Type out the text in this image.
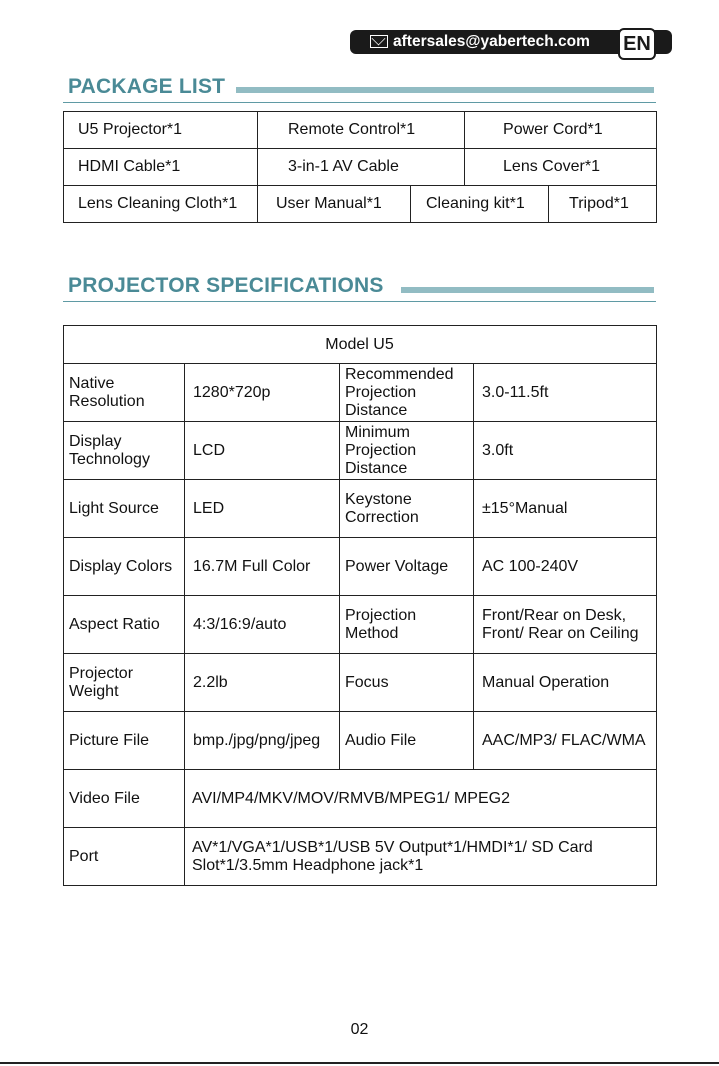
aftersales@yabertech.com EN
PACKAGE LIST
U5 Projector*1	Remote Control*1		Power Cord*1	
HDMI Cable*1	3-in-1 AV Cable		Lens Cover*1	
Lens Cleaning Cloth*1	User Manual*1	Cleaning kit*1		Tripod*1
PROJECTOR SPECIFICATIONS
Model U5			
Native Resolution	1280*720p	Recommended Projection Distance	3.0-11.5ft
Display Technology	LCD	Minimum Projection Distance	3.0ft
Light Source	LED	Keystone Correction	±15°Manual
Display Colors	16.7M Full Color	Power Voltage	AC 100-240V
Aspect Ratio	4:3/16:9/auto	Projection Method	Front/Rear on Desk, Front/ Rear on Ceiling
Projector Weight	2.2lb	Focus	Manual Operation
Picture File	bmp./jpg/png/jpeg	Audio File	AAC/MP3/ FLAC/WMA
Video File	AVI/MP4/MKV/MOV/RMVB/MPEG1/ MPEG2		
Port	AV*1/VGA*1/USB*1/USB 5V Output*1/HMDI*1/ SD Card Slot*1/3.5mm Headphone jack*1		
02
